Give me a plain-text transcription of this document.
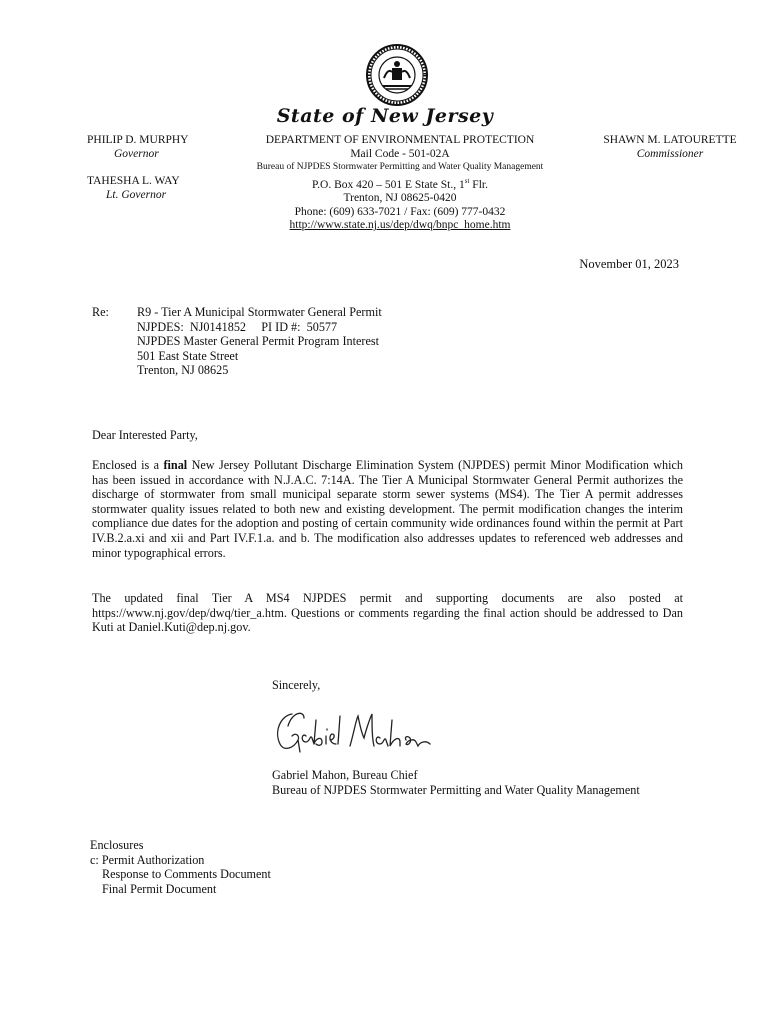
State of New Jersey
PHILIP D. MURPHY
Governor
TAHESHA L. WAY
Lt. Governor
DEPARTMENT OF ENVIRONMENTAL PROTECTION
Mail Code - 501-02A
Bureau of NJPDES Stormwater Permitting and Water Quality Management
P.O. Box 420 – 501 E State St., 1st Flr.
Trenton, NJ 08625-0420
Phone: (609) 633-7021 / Fax: (609) 777-0432
http://www.state.nj.us/dep/dwq/bnpc_home.htm
SHAWN M. LATOURETTE
Commissioner
November 01, 2023
Re: R9 - Tier A Municipal Stormwater General Permit
NJPDES:  NJ0141852     PI ID #:  50577
NJPDES Master General Permit Program Interest
501 East State Street
Trenton, NJ 08625
Dear Interested Party,
Enclosed is a final New Jersey Pollutant Discharge Elimination System (NJPDES) permit Minor Modification which has been issued in accordance with N.J.A.C. 7:14A. The Tier A Municipal Stormwater General Permit authorizes the discharge of stormwater from small municipal separate storm sewer systems (MS4). The Tier A permit addresses stormwater quality issues related to both new and existing development. The permit modification changes the interim compliance due dates for the adoption and posting of certain community wide ordinances found within the permit at Part IV.B.2.a.xi and xii and Part IV.F.1.a. and b. The modification also addresses updates to referenced web addresses and minor typographical errors.
The updated final Tier A MS4 NJPDES permit and supporting documents are also posted at https://www.nj.gov/dep/dwq/tier_a.htm. Questions or comments regarding the final action should be addressed to Dan Kuti at Daniel.Kuti@dep.nj.gov.
Sincerely,
Gabriel Mahon, Bureau Chief
Bureau of NJPDES Stormwater Permitting and Water Quality Management
Enclosures
c: Permit Authorization
Response to Comments Document
Final Permit Document
